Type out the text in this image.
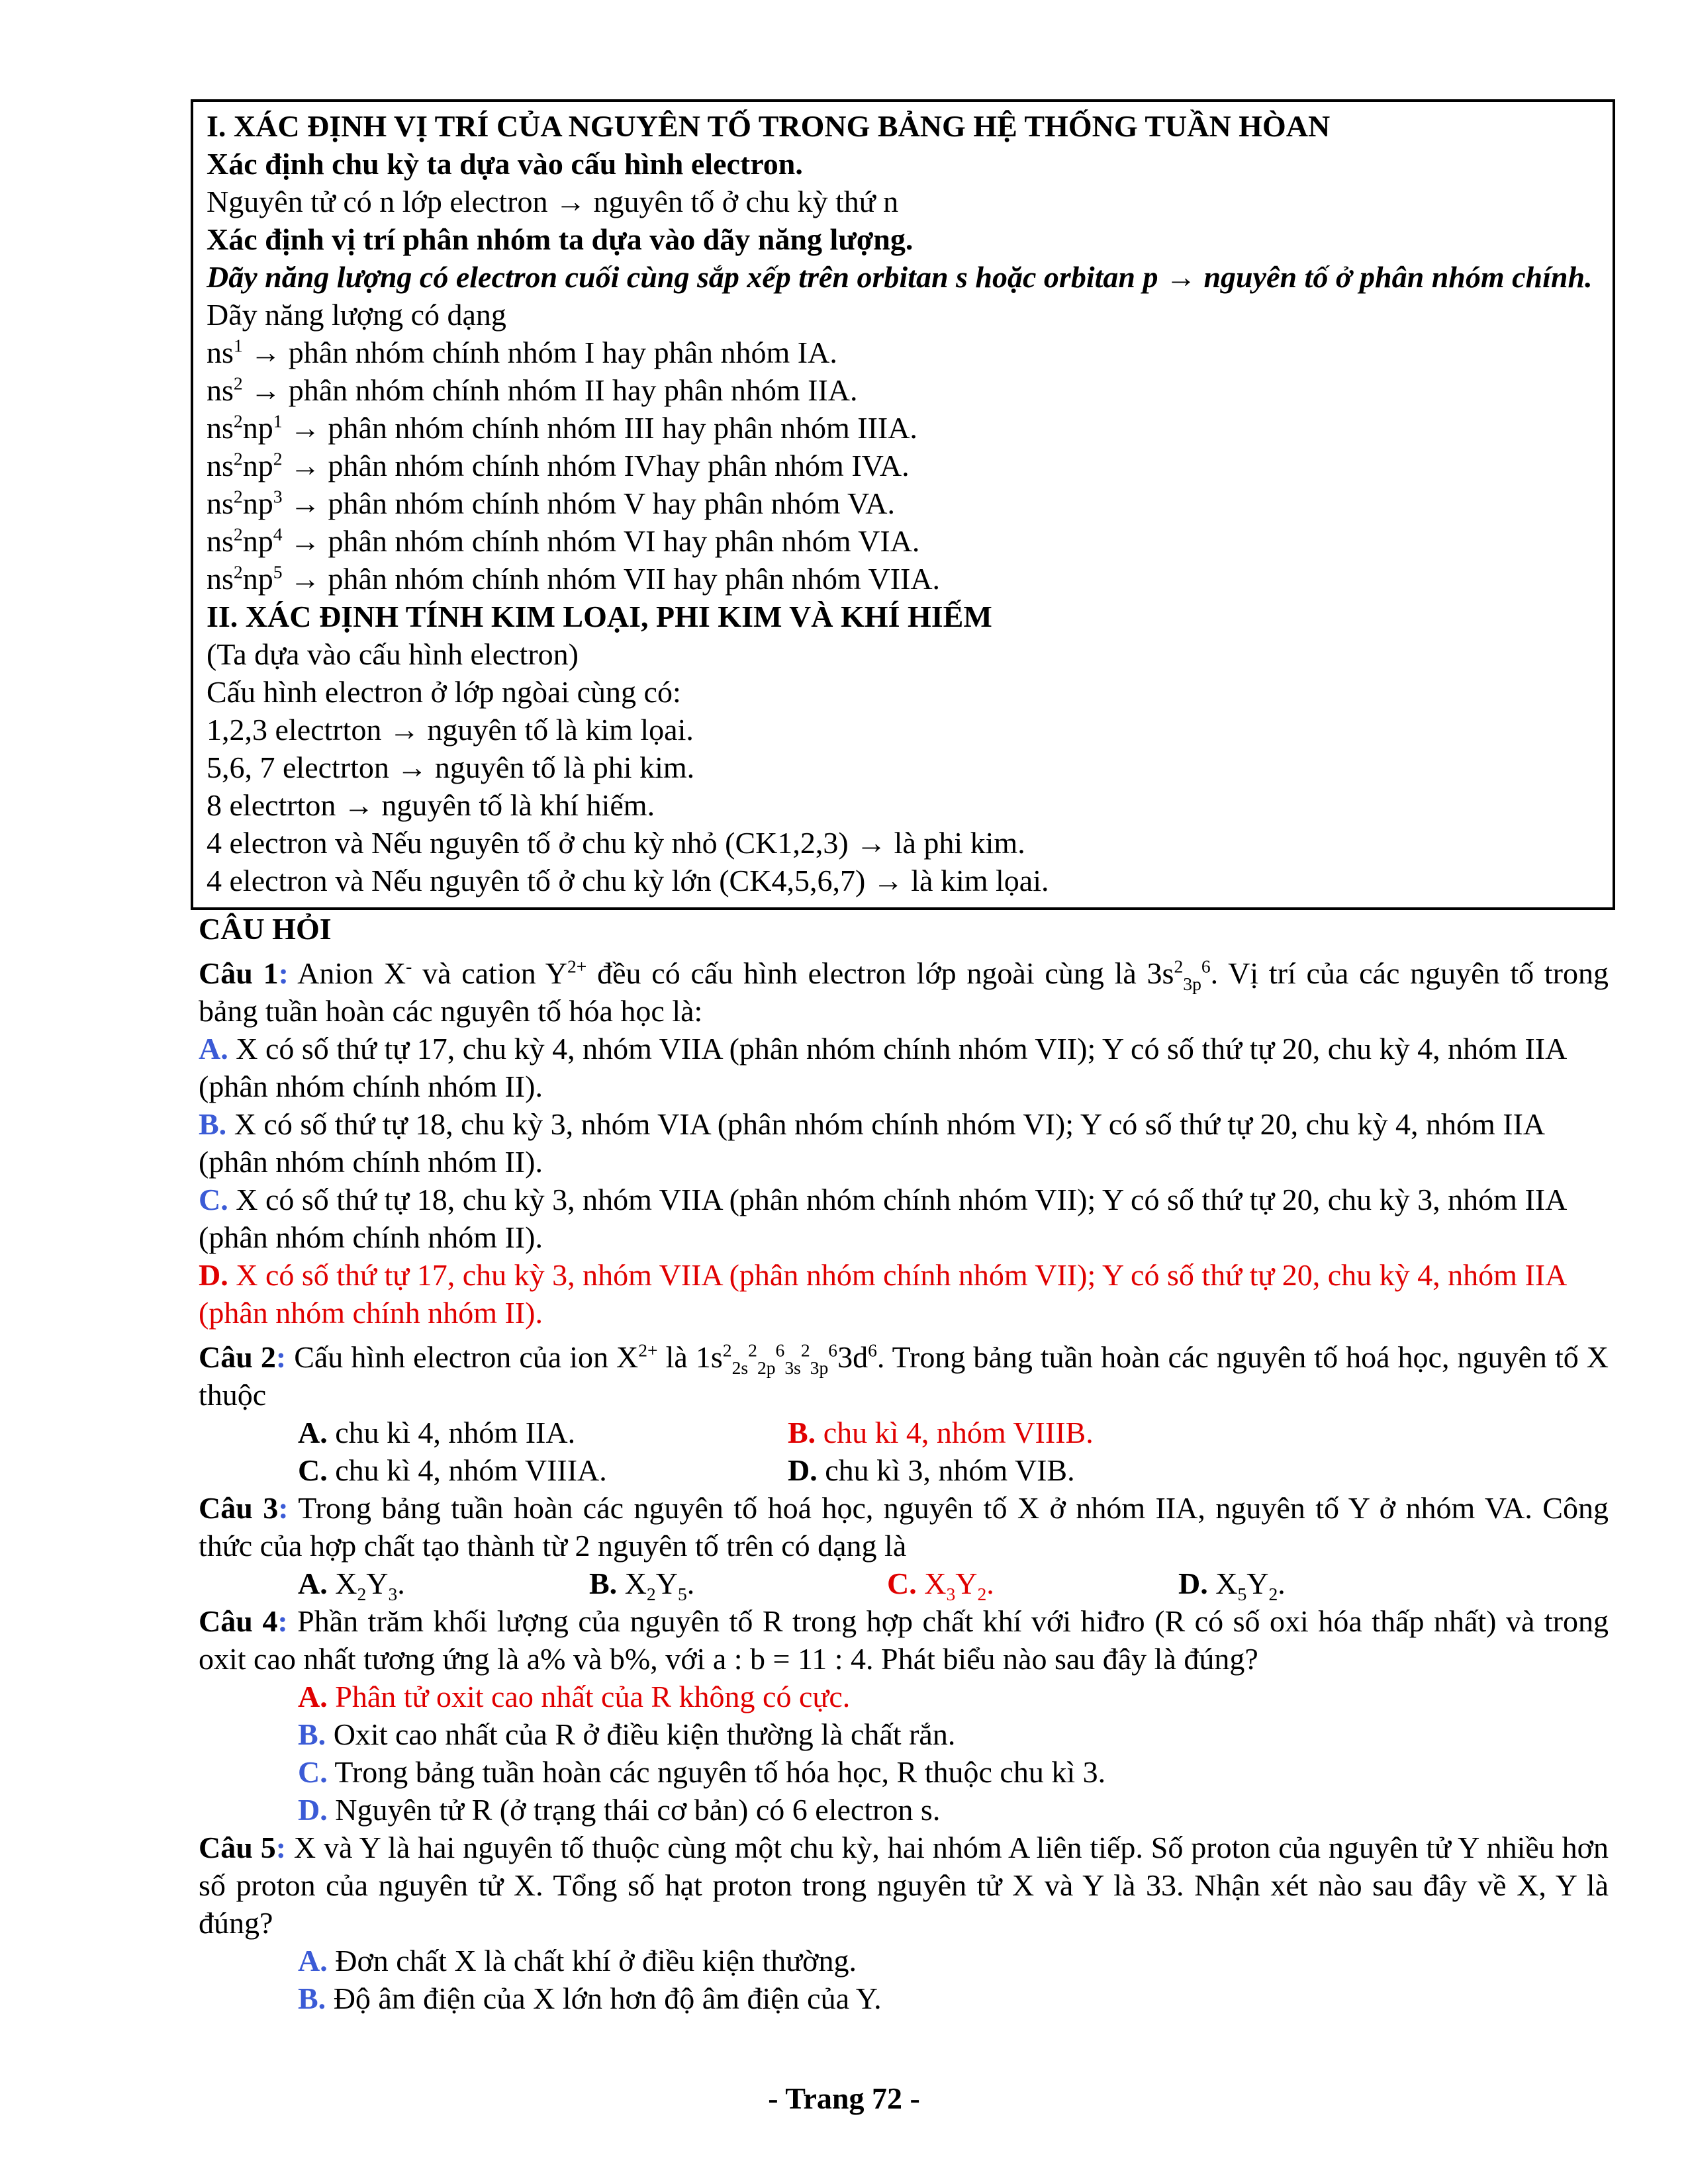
I. XÁC ĐỊNH VỊ TRÍ CỦA NGUYÊN TỐ TRONG BẢNG HỆ THỐNG TUẦN HÒAN

Xác định chu kỳ ta dựa vào cấu hình electron.

Nguyên tử có n lớp electron → nguyên tố ở chu kỳ thứ n

Xác định vị trí phân nhóm ta dựa vào dãy năng lượng.

Dãy năng lượng có electron cuối cùng sắp xếp trên orbitan s hoặc orbitan p → nguyên tố ở phân nhóm chính.

Dãy năng lượng có dạng

$ns^1$ → phân nhóm chính nhóm I hay phân nhóm IA.

$ns^2$ → phân nhóm chính nhóm II hay phân nhóm IIA.

$ns^2np^1$ → phân nhóm chính nhóm III hay phân nhóm IIIA.

$ns^2np^2$ → phân nhóm chính nhóm IVhay phân nhóm IVA.

$ns^2np^3$ → phân nhóm chính nhóm V hay phân nhóm VA.

$ns^2np^4$ → phân nhóm chính nhóm VI hay phân nhóm VIA.

$ns^2np^5$ → phân nhóm chính nhóm VII hay phân nhóm VIIA.

II. XÁC ĐỊNH TÍNH KIM LOẠI, PHI KIM VÀ KHÍ HIẾM

(Ta dựa vào cấu hình electron)

Cấu hình electron ở lớp ngòai cùng có:

1,2,3 electrton → nguyên tố là kim lọai.

5,6, 7 electrton → nguyên tố là phi kim.

8 electrton → nguyên tố là khí hiếm.

4 electron và Nếu nguyên tố ở chu kỳ nhỏ (CK1,2,3) → là phi kim.

4 electron và Nếu nguyên tố ở chu kỳ lớn (CK4,5,6,7) → là kim lọai.

CÂU HỎI

Câu 1: Anion X- và cation $Y^{2+}$ đều có cấu hình electron lớp ngoài cùng là $3s^2_{3p}^6$. Vị trí của các nguyên tố trong bảng tuần hoàn các nguyên tố hóa học là:

A. X có số thứ tự 17, chu kỳ 4, nhóm VIIA (phân nhóm chính nhóm VII); Y có số thứ tự 20, chu kỳ 4, nhóm IIA (phân nhóm chính nhóm II).

B. X có số thứ tự 18, chu kỳ 3, nhóm VIA (phân nhóm chính nhóm VI); Y có số thứ tự 20, chu kỳ 4, nhóm IIA (phân nhóm chính nhóm II).

C. X có số thứ tự 18, chu kỳ 3, nhóm VIIA (phân nhóm chính nhóm VII); Y có số thứ tự 20, chu kỳ 3, nhóm IIA (phân nhóm chính nhóm II).

D. X có số thứ tự 17, chu kỳ 3, nhóm VIIA (phân nhóm chính nhóm VII); Y có số thứ tự 20, chu kỳ 4, nhóm IIA (phân nhóm chính nhóm II).

Câu 2: Cấu hình electron của ion $X^{2+}$ là $1s^2_{2s}^2_{2p}^6_{3s}^2_{3p}^63d^6$. Trong bảng tuần hoàn các nguyên tố hoá học, nguyên tố X thuộc

A. chu kì 4, nhóm IIA.	B. chu kì 4, nhóm VIIIB.
C. chu kì 4, nhóm VIIIA.	D. chu kì 3, nhóm VIB.

Câu 3: Trong bảng tuần hoàn các nguyên tố hoá học, nguyên tố X ở nhóm IIA, nguyên tố Y ở nhóm VA. Công thức của hợp chất tạo thành từ 2 nguyên tố trên có dạng là

A. $X_2Y_3$.	B. $X_2Y_5$.	C. $X_3Y_2$.	D. $X_5Y_2$.

Câu 4: Phần trăm khối lượng của nguyên tố R trong hợp chất khí với hiđro (R có số oxi hóa thấp nhất) và trong oxit cao nhất tương ứng là a% và b%, với a : b = 11 : 4. Phát biểu nào sau đây là đúng?

A. Phân tử oxit cao nhất của R không có cực.

B. Oxit cao nhất của R ở điều kiện thường là chất rắn.

C. Trong bảng tuần hoàn các nguyên tố hóa học, R thuộc chu kì 3.

D. Nguyên tử R (ở trạng thái cơ bản) có 6 electron s.

Câu 5: X và Y là hai nguyên tố thuộc cùng một chu kỳ, hai nhóm A liên tiếp. Số proton của nguyên tử Y nhiều hơn số proton của nguyên tử X. Tổng số hạt proton trong nguyên tử X và Y là 33. Nhận xét nào sau đây về X, Y là đúng?

A. Đơn chất X là chất khí ở điều kiện thường.

B. Độ âm điện của X lớn hơn độ âm điện của Y.

- Trang 72 -
